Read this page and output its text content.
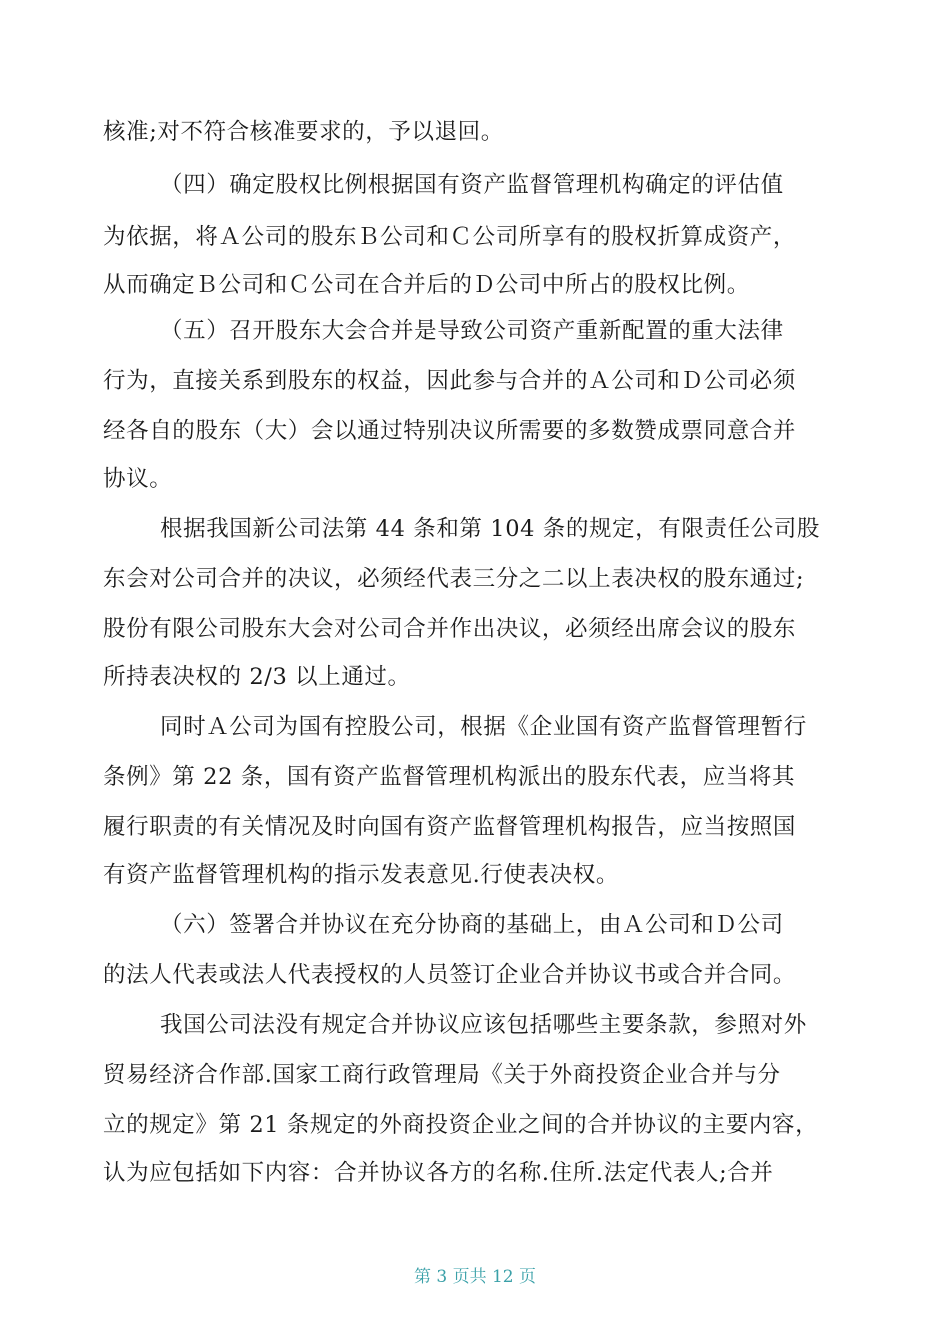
核准;对不符合核准要求的，予以退回。
（四）确定股权比例根据国有资产监督管理机构确定的评估值
为依据，将Ａ公司的股东Ｂ公司和Ｃ公司所享有的股权折算成资产，
从而确定Ｂ公司和Ｃ公司在合并后的Ｄ公司中所占的股权比例。
（五）召开股东大会合并是导致公司资产重新配置的重大法律
行为，直接关系到股东的权益，因此参与合并的Ａ公司和Ｄ公司必须
经各自的股东（大）会以通过特别决议所需要的多数赞成票同意合并
协议。
根据我国新公司法第 44 条和第 104 条的规定，有限责任公司股
东会对公司合并的决议，必须经代表三分之二以上表决权的股东通过;
股份有限公司股东大会对公司合并作出决议，必须经出席会议的股东
所持表决权的 2/3 以上通过。
同时Ａ公司为国有控股公司，根据《企业国有资产监督管理暂行
条例》第 22 条，国有资产监督管理机构派出的股东代表，应当将其
履行职责的有关情况及时向国有资产监督管理机构报告，应当按照国
有资产监督管理机构的指示发表意见.行使表决权。
（六）签署合并协议在充分协商的基础上，由Ａ公司和Ｄ公司
的法人代表或法人代表授权的人员签订企业合并协议书或合并合同。
我国公司法没有规定合并协议应该包括哪些主要条款，参照对外
贸易经济合作部.国家工商行政管理局《关于外商投资企业合并与分
立的规定》第 21 条规定的外商投资企业之间的合并协议的主要内容，
认为应包括如下内容：合并协议各方的名称.住所.法定代表人;合并
第 3 页共 12 页
